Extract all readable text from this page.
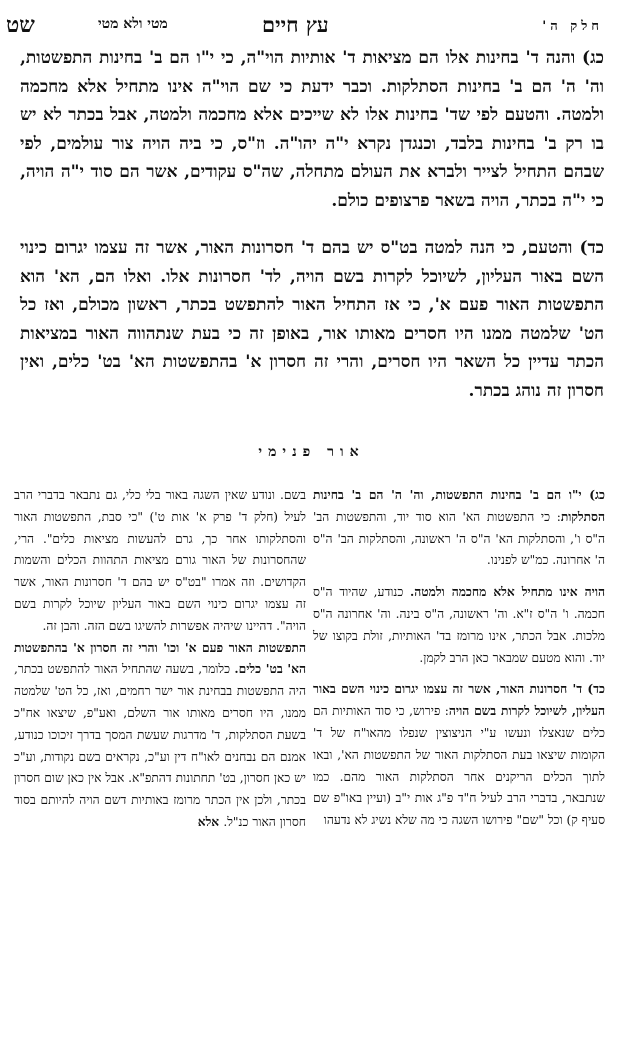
שט	מטי ולא מטי	עץ חיים	חלק ה'

כג) והנה ד' בחינות אלו הם מציאות ד' אותיות הוי"ה, כי י"ו הם ב' בחינות התפשטות, וה' ה' הם ב' בחינות הסתלקות. וכבר ידעת כי שם הוי"ה אינו מתחיל אלא מחכמה ולמטה. והטעם לפי שד' בחינות אלו לא שייכים אלא מחכמה ולמטה, אבל בכתר לא יש בו רק ב' בחינות בלבד, וכנגדן נקרא י"ה יהו"ה. וז"ס, כי ביה הויה צור עולמים, לפי שבהם התחיל לצייר ולברא את העולם מתחלה, שה"ס עקודים, אשר הם סוד י"ה הויה, כי י"ה בכתר, הויה בשאר פרצופים כולם.

כד) והטעם, כי הנה למטה בט"ס יש בהם ד' חסרונות האור, אשר זה עצמו יגרום כינוי השם באור העליון, לשיוכל לקרות בשם הויה, לד' חסרונות אלו. ואלו הם, הא' הוא התפשטות האור פעם א', כי אז התחיל האור להתפשט בכתר, ראשון מכולם, ואז כל הט' שלמטה ממנו היו חסרים מאותו אור, באופן זה כי בעת שנתהווה האור במציאות הכתר עדיין כל השאר היו חסרים, והרי זה חסרון א' בהתפשטות הא' בט' כלים, ואין חסרון זה נוהג בכתר.

אור פנימי
כג) י"ו הם ב' בחינות התפשטות, וה' ה' הם ב' בחינות הסתלקות: כי התפשטות הא' הוא סוד יוד, והתפשטות הב' ה"ס ו', והסתלקות הא' ה"ס ה' ראשונה, והסתלקות הב' ה"ס ה' אחרונה. כמ"ש לפנינו.
הויה אינו מתחיל אלא מחכמה ולמטה. כנודע, שהיוד ה"ס חכמה. ו' ה"ס ז"א. וה' ראשונה, ה"ס בינה. וה' אחרונה ה"ס מלכות. אבל הכתר, אינו מרומז בד' האותיות, זולת בקוצו של יוד. והוא מטעם שמבאר כאן הרב לקמן.
כד) ד' חסרונות האור, אשר זה עצמו יגרום כינוי השם באור העליון, לשיוכל לקרות בשם הויה: פירוש, כי סוד האותיות הם כלים שנאצלו ונעשו ע"י הניצוצין שנפלו מהאו"ח של ד' הקומות שיצאו בעת הסתלקות האור של התפשטות הא', ובאו לתוך הכלים הריקנים אחר הסתלקות האור מהם. כמו שנתבאר, בדברי הרב לעיל ח"ד פ"ג אות י"ב (ועיין באו"פ שם סעיף ק) וכל "שם" פירושו השגה כי מה שלא נשיג לא נדעהו
בשם. ונודע שאין השגה באור בלי כלי, גם נתבאר בדברי הרב לעיל (חלק ד' פרק א' אות ט') "כי סבת, התפשטות האור והסתלקותו אחר כך, גרם להעשות מציאות כלים". הרי, שהחסרונות של האור גורם מציאות התהוות הכלים והשמות הקדושים. וזה אמרו "בט"ס יש בהם ד' חסרונות האור, אשר זה עצמו יגרום כינוי השם באור העליון שיוכל לקרות בשם הויה". דהיינו שיהיה אפשרות להשיגו בשם הזה. והבן זה.
התפשטות האור פעם א' וכו' והרי זה חסרון א' בהתפשטות הא' בט' כלים. כלומר, בשעה שהתחיל האור להתפשט בכתר, היה התפשטות בבחינת אור ישר רחמים, ואז, כל הט' שלמטה ממנו, היו חסרים מאותו אור השלם, ואע"פ, שיצאו אח"כ בשעת הסתלקות, ד' מדרגות שעשת המסך בדרך זיכוכו כנודע, אמנם הם נבחנים לאו"ח דין וע"כ, נקראים בשם נקודות, וע"כ יש כאן חסרון, בט' תחתונות דהתפ"א. אבל אין כאן שום חסרון בכתר, ולכן אין הכתר מרומז באותיות דשם הויה להיותם בסוד חסרון האור כנ"ל. אלא
